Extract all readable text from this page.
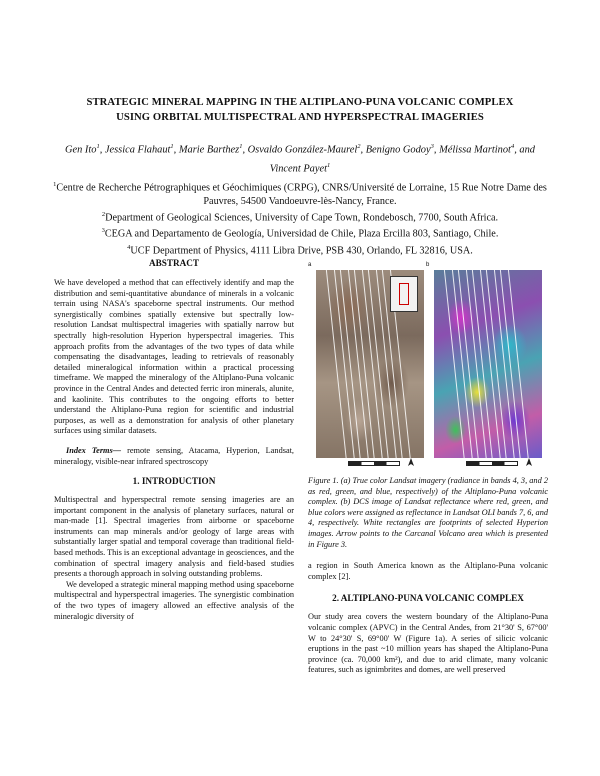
STRATEGIC MINERAL MAPPING IN THE ALTIPLANO-PUNA VOLCANIC COMPLEX
USING ORBITAL MULTISPECTRAL AND HYPERSPECTRAL IMAGERIES
Gen Ito$^1$, Jessica Flahaut$^1$, Marie Barthez$^1$, Osvaldo González-Maurel$^2$, Benigno Godoy$^3$, Mélissa Martinot$^4$, and Vincent Payet$^1$
$^1$Centre de Recherche Pétrographiques et Géochimiques (CRPG), CNRS/Université de Lorraine, 15 Rue Notre Dame des Pauvres, 54500 Vandoeuvre-lès-Nancy, France.
$^2$Department of Geological Sciences, University of Cape Town, Rondebosch, 7700, South Africa.
$^3$CEGA and Departamento de Geología, Universidad de Chile, Plaza Ercilla 803, Santiago, Chile.
$^4$UCF Department of Physics, 4111 Libra Drive, PSB 430, Orlando, FL 32816, USA.

ABSTRACT

We have developed a method that can effectively identify and map the distribution and semi-quantitative abundance of minerals in a volcanic terrain using NASA's spaceborne spectral instruments. Our method synergistically combines spatially extensive but spectrally low-resolution Landsat multispectral imageries with spatially narrow but spectrally high-resolution Hyperion hyperspectral imageries. This approach profits from the advantages of the two types of data while compensating the disadvantages, leading to retrievals of reasonably detailed mineralogical information within a practical processing timeframe. We mapped the mineralogy of the Altiplano-Puna volcanic province in the Central Andes and detected ferric iron minerals, alunite, and kaolinite. This contributes to the ongoing efforts to better understand the Altiplano-Puna region for scientific and industrial purposes, as well as a demonstration for analysis of other planetary surfaces using similar datasets.

Index Terms— remote sensing, Atacama, Hyperion, Landsat, mineralogy, visible-near infrared spectroscopy

1. INTRODUCTION

Multispectral and hyperspectral remote sensing imageries are an important component in the analysis of planetary surfaces, natural or man-made [1]. Spectral imageries from airborne or spaceborne instruments can map minerals and/or geology of large areas with substantially larger spatial and temporal coverage than traditional field-based methods. This is an exceptional advantage in geosciences, and the combination of spectral imagery analysis and field-based studies presents a thorough approach in solving outstanding problems.

We developed a strategic mineral mapping method using spaceborne multispectral and hyperspectral imageries. The synergistic combination of the two types of imagery allowed an effective analysis of the mineralogic diversity of

a	b

Figure 1. (a) True color Landsat imagery (radiance in bands 4, 3, and 2 as red, green, and blue, respectively) of the Altiplano-Puna volcanic complex. (b) DCS image of Landsat reflectance where red, green, and blue colors were assigned as reflectance in Landsat OLI bands 7, 6, and 4, respectively. White rectangles are footprints of selected Hyperion images. Arrow points to the Carcanal Volcano area which is presented in Figure 3.

a region in South America known as the Altiplano-Puna volcanic complex [2].

2. ALTIPLANO-PUNA VOLCANIC COMPLEX

Our study area covers the western boundary of the Altiplano-Puna volcanic complex (APVC) in the Central Andes, from 21°30' S, 67°00' W to 24°30' S, 69°00' W (Figure 1a). A series of silicic volcanic eruptions in the past ~10 million years has shaped the Altiplano-Puna province (ca. 70,000 km²), and due to arid climate, many volcanic features, such as ignimbrites and domes, are well preserved
